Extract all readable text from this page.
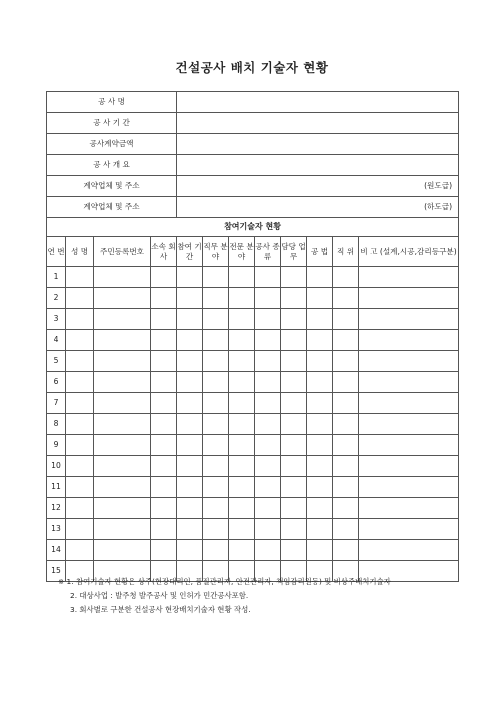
건설공사 배치 기술자 현황
공 사 명											
공 사 기 간											
공사계약금액											
공 사 개 요											
계약업체 및 주소				(원도급)							
계약업체 및 주소				(하도급)							
참여기술자 현황											
연 번	성 명	주민등록번호	소속 회사	참여 기간	직무 분야	전문 분야	공사 종류	담당 업무	공 법	직 위	비 고 (설계,시공,감리등구분)
1											
2											
3											
4											
5											
6											
7											
8											
9											
10											
11											
12											
13											
14											
15											
※ 1. 참여기술자 현황은 상주(현장대리인, 품질관리자, 안전관리자, 책임감리원등) 및 비상주배치기술자
2. 대상사업 : 발주청 발주공사 및 인허가 민간공사포함.
3. 회사별로 구분한 건설공사 현장배치기술자 현황 작성.
